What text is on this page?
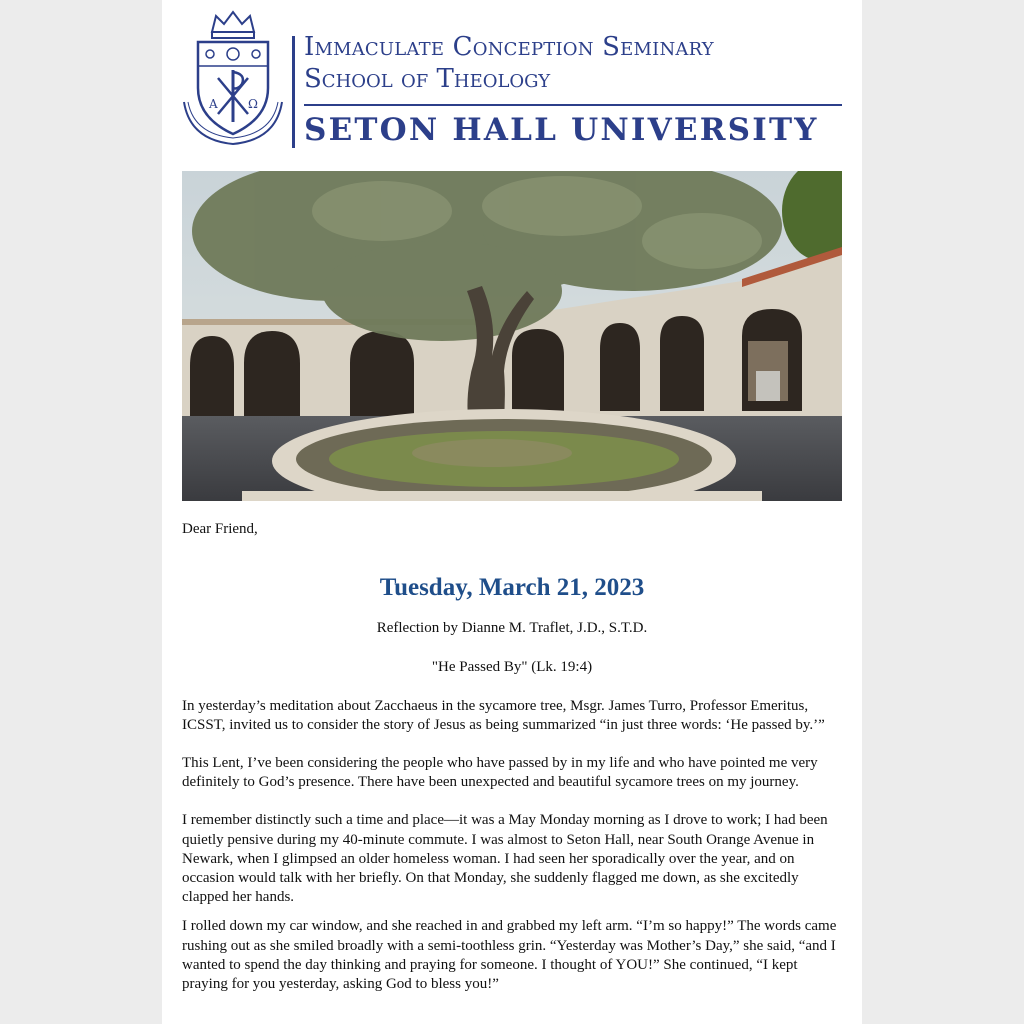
A	Ω
Immaculate Conception Seminary
School of Theology
SETON HALL UNIVERSITY

Dear Friend,

Tuesday, March 21, 2023

Reflection by Dianne M. Traflet, J.D., S.T.D.

"He Passed By" (Lk. 19:4)

In yesterday’s meditation about Zacchaeus in the sycamore tree, Msgr. James Turro, Professor Emeritus, ICSST, invited us to consider the story of Jesus as being summarized “in just three words: ‘He passed by.’”

This Lent, I’ve been considering the people who have passed by in my life and who have pointed me very definitely to God’s presence. There have been unexpected and beautiful sycamore trees on my journey.

I remember distinctly such a time and place—it was a May Monday morning as I drove to work; I had been quietly pensive during my 40-minute commute. I was almost to Seton Hall, near South Orange Avenue in Newark, when I glimpsed an older homeless woman. I had seen her sporadically over the year, and on occasion would talk with her briefly. On that Monday, she suddenly flagged me down, as she excitedly clapped her hands.

I rolled down my car window, and she reached in and grabbed my left arm. “I’m so happy!” The words came rushing out as she smiled broadly with a semi-toothless grin. “Yesterday was Mother’s Day,” she said, “and I wanted to spend the day thinking and praying for someone. I thought of YOU!” She continued, “I kept praying for you yesterday, asking God to bless you!”
